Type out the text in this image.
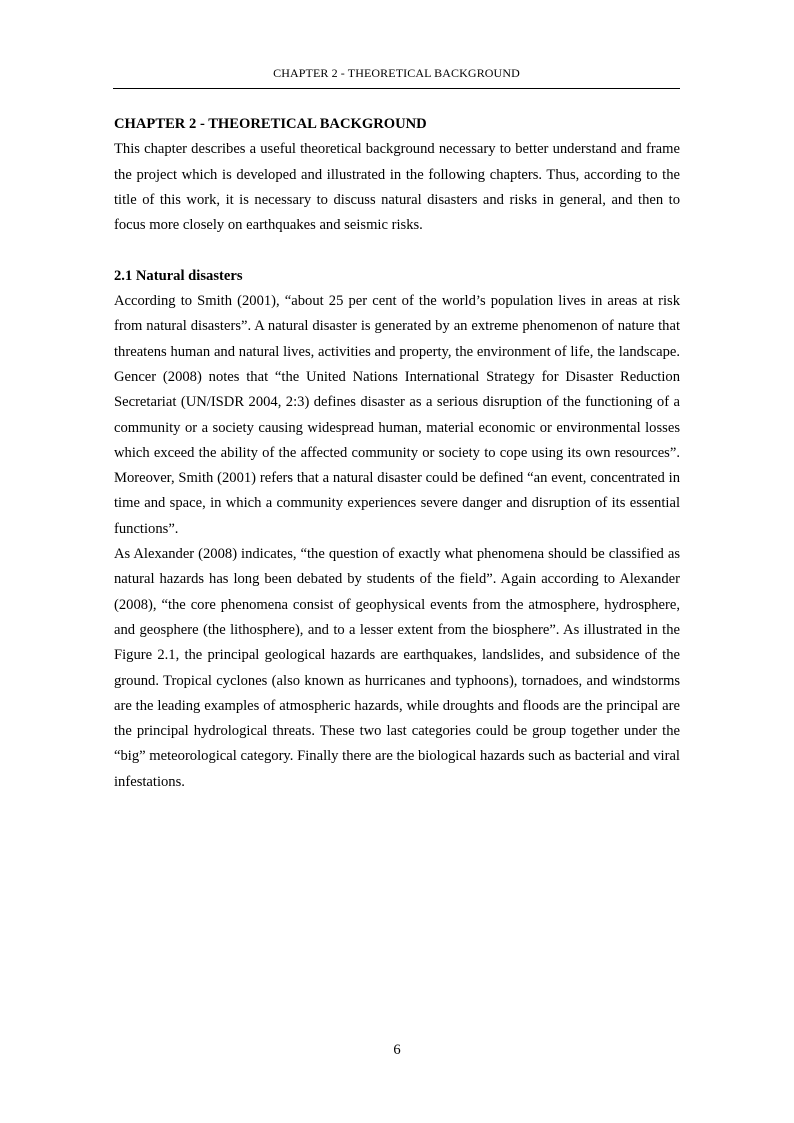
CHAPTER 2 - THEORETICAL BACKGROUND
CHAPTER 2 - THEORETICAL BACKGROUND

This chapter describes a useful theoretical background necessary to better understand and frame the project which is developed and illustrated in the following chapters. Thus, according to the title of this work, it is necessary to discuss natural disasters and risks in general, and then to focus more closely on earthquakes and seismic risks.

2.1 Natural disasters

According to Smith (2001), “about 25 per cent of the world’s population lives in areas at risk from natural disasters”. A natural disaster is generated by an extreme phenomenon of nature that threatens human and natural lives, activities and property, the environment of life, the landscape. Gencer (2008) notes that “the United Nations International Strategy for Disaster Reduction Secretariat (UN/ISDR 2004, 2:3) defines disaster as a serious disruption of the functioning of a community or a society causing widespread human, material economic or environmental losses which exceed the ability of the affected community or society to cope using its own resources”. Moreover, Smith (2001) refers that a natural disaster could be defined “an event, concentrated in time and space, in which a community experiences severe danger and disruption of its essential functions”.

As Alexander (2008) indicates, “the question of exactly what phenomena should be classified as natural hazards has long been debated by students of the field”. Again according to Alexander (2008), “the core phenomena consist of geophysical events from the atmosphere, hydrosphere, and geosphere (the lithosphere), and to a lesser extent from the biosphere”. As illustrated in the Figure 2.1, the principal geological hazards are earthquakes, landslides, and subsidence of the ground. Tropical cyclones (also known as hurricanes and typhoons), tornadoes, and windstorms are the leading examples of atmospheric hazards, while droughts and floods are the principal are the principal hydrological threats. These two last categories could be group together under the “big” meteorological category. Finally there are the biological hazards such as bacterial and viral infestations.

6
